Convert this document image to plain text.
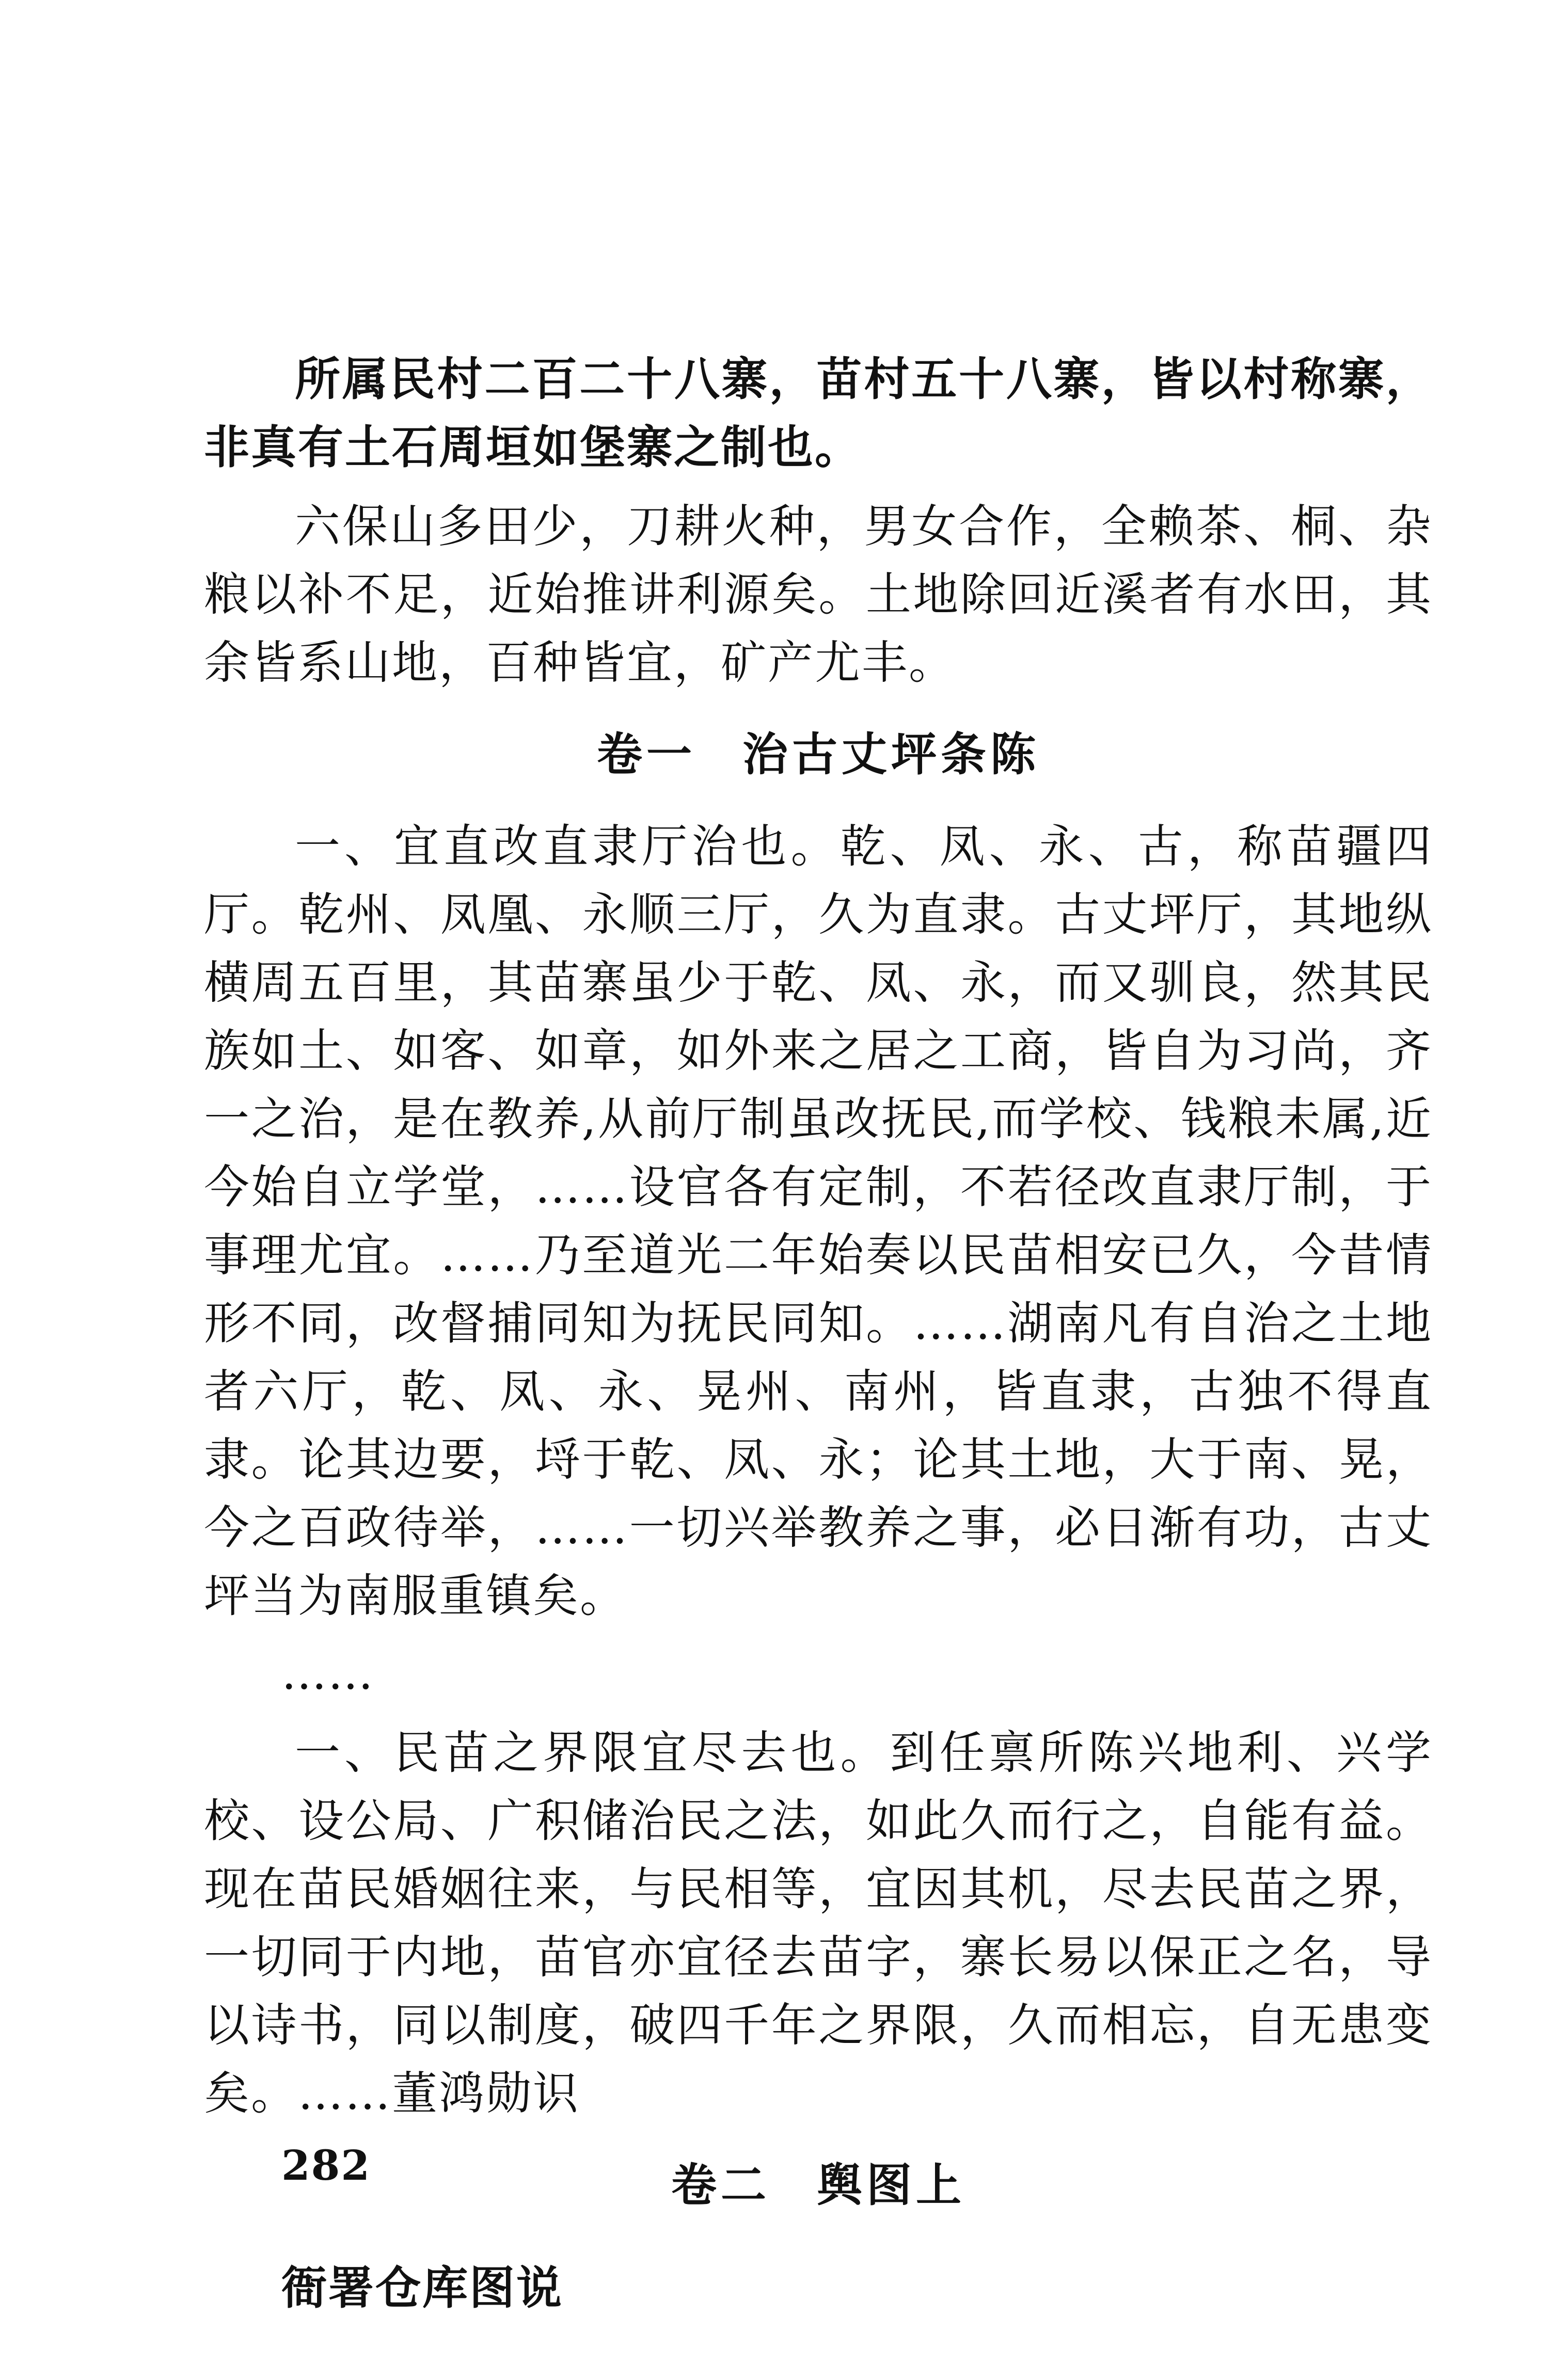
所属民村二百二十八寨，苗村五十八寨，皆以村称寨，非真有土石周垣如堡寨之制也。

六保山多田少，刀耕火种，男女合作，全赖茶、桐、杂粮以补不足，近始推讲利源矣。土地除回近溪者有水田，其余皆系山地，百种皆宜，矿产尤丰。

卷一 治古丈坪条陈

一、宜直改直隶厅治也。乾、凤、永、古，称苗疆四厅。乾州、凤凰、永顺三厅，久为直隶。古丈坪厅，其地纵横周五百里，其苗寨虽少于乾、凤、永，而又驯良，然其民族如土、如客、如章，如外来之居之工商，皆自为习尚，齐一之治，是在教养,从前厅制虽改抚民,而学校、钱粮未属,近今始自立学堂，……设官各有定制，不若径改直隶厅制，于事理尤宜。……乃至道光二年始奏以民苗相安已久，今昔情形不同，改督捕同知为抚民同知。……湖南凡有自治之土地者六厅，乾、凤、永、晃州、南州，皆直隶，古独不得直隶。论其边要，埒于乾、凤、永；论其土地，大于南、晃，今之百政待举，……一切兴举教养之事，必日渐有功，古丈坪当为南服重镇矣。

……

一、民苗之界限宜尽去也。到任禀所陈兴地利、兴学校、设公局、广积储治民之法，如此久而行之，自能有益。现在苗民婚姻往来，与民相等，宜因其机，尽去民苗之界，一切同于内地，苗官亦宜径去苗字，寨长易以保正之名，导以诗书，同以制度，破四千年之界限，久而相忘，自无患变矣。……董鸿勋识

卷二 舆图上

衙署仓库图说

282
